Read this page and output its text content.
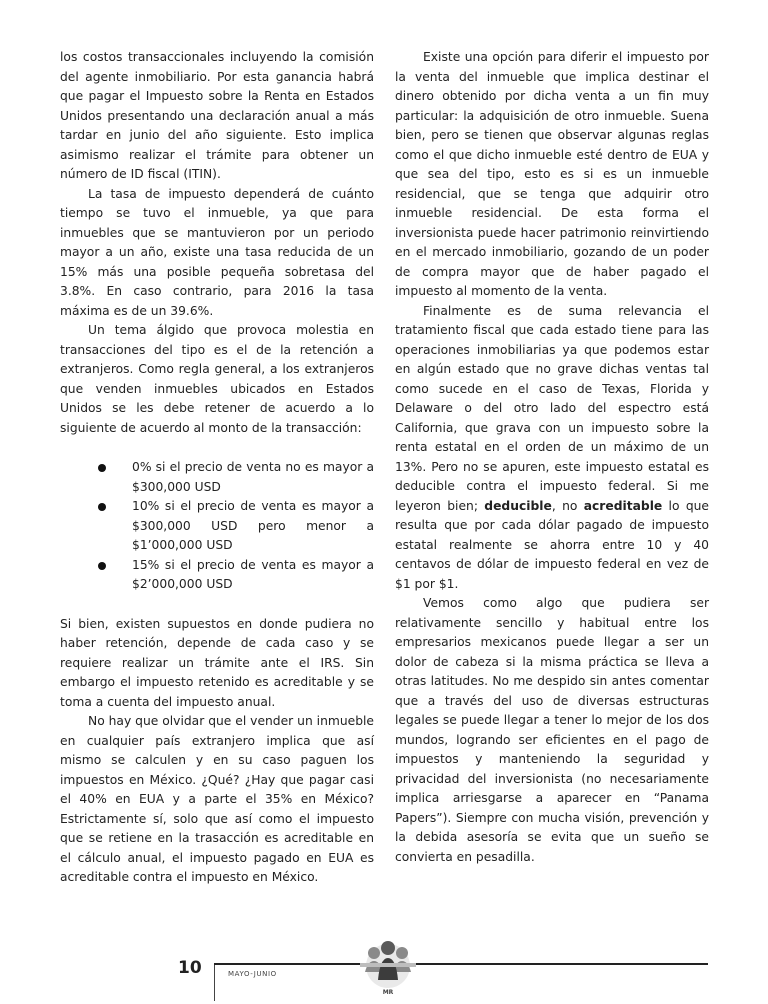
los costos transaccionales incluyendo la comisión del agente inmobiliario. Por esta ganancia habrá que pagar el Impuesto sobre la Renta en Estados Unidos presentando una declaración anual a más tardar en junio del año siguiente. Esto implica asimismo realizar el trámite para obtener un número de ID fiscal (ITIN).

La tasa de impuesto dependerá de cuánto tiempo se tuvo el inmueble, ya que para inmuebles que se mantuvieron por un periodo mayor a un año, existe una tasa reducida de un 15% más una posible pequeña sobretasa del 3.8%. En caso contrario, para 2016 la tasa máxima es de un 39.6%.

Un tema álgido que provoca molestia en transacciones del tipo es el de la retención a extranjeros. Como regla general, a los extranjeros que venden inmuebles ubicados en Estados Unidos se les debe retener de acuerdo a lo siguiente de acuerdo al monto de la transacción:

0% si el precio de venta no es mayor a $300,000 USD
10% si el precio de venta es mayor a $300,000 USD pero menor a $1’000,000 USD
15% si el precio de venta es mayor a $2’000,000 USD

Si bien, existen supuestos en donde pudiera no haber retención, depende de cada caso y se requiere realizar un trámite ante el IRS. Sin embargo el impuesto retenido es acreditable y se toma a cuenta del impuesto anual.

No hay que olvidar que el vender un inmueble en cualquier país extranjero implica que así mismo se calculen y en su caso paguen los impuestos en México. ¿Qué? ¿Hay que pagar casi el 40% en EUA y a parte el 35% en México? Estrictamente sí, solo que así como el impuesto que se retiene en la trasacción es acreditable en el cálculo anual, el impuesto pagado en EUA es acreditable contra el impuesto en México.

Existe una opción para diferir el impuesto por la venta del inmueble que implica destinar el dinero obtenido por dicha venta a un fin muy particular: la adquisición de otro inmueble. Suena bien, pero se tienen que observar algunas reglas como el que dicho inmueble esté dentro de EUA y que sea del tipo, esto es si es un inmueble residencial, que se tenga que adquirir otro inmueble residencial. De esta forma el inversionista puede hacer patrimonio reinvirtiendo en el mercado inmobiliario, gozando de un poder de compra mayor que de haber pagado el impuesto al momento de la venta.

Finalmente es de suma relevancia el tratamiento fiscal que cada estado tiene para las operaciones inmobiliarias ya que podemos estar en algún estado que no grave dichas ventas tal como sucede en el caso de Texas, Florida y Delaware o del otro lado del espectro está California, que grava con un impuesto sobre la renta estatal en el orden de un máximo de un 13%. Pero no se apuren, este impuesto estatal es deducible contra el impuesto federal. Si me leyeron bien; deducible, no acreditable lo que resulta que por cada dólar pagado de impuesto estatal realmente se ahorra entre 10 y 40 centavos de dólar de impuesto federal en vez de $1 por $1.

Vemos como algo que pudiera ser relativamente sencillo y habitual entre los empresarios mexicanos puede llegar a ser un dolor de cabeza si la misma práctica se lleva a otras latitudes. No me despido sin antes comentar que a través del uso de diversas estructuras legales se puede llegar a tener lo mejor de los dos mundos, logrando ser eficientes en el pago de impuestos y manteniendo la seguridad y privacidad del inversionista (no necesariamente implica arriesgarse a aparecer en “Panama Papers”). Siempre con mucha visión, prevención y la debida asesoría se evita que un sueño se convierta en pesadilla.

10	MAYO-JUNIO
MR
